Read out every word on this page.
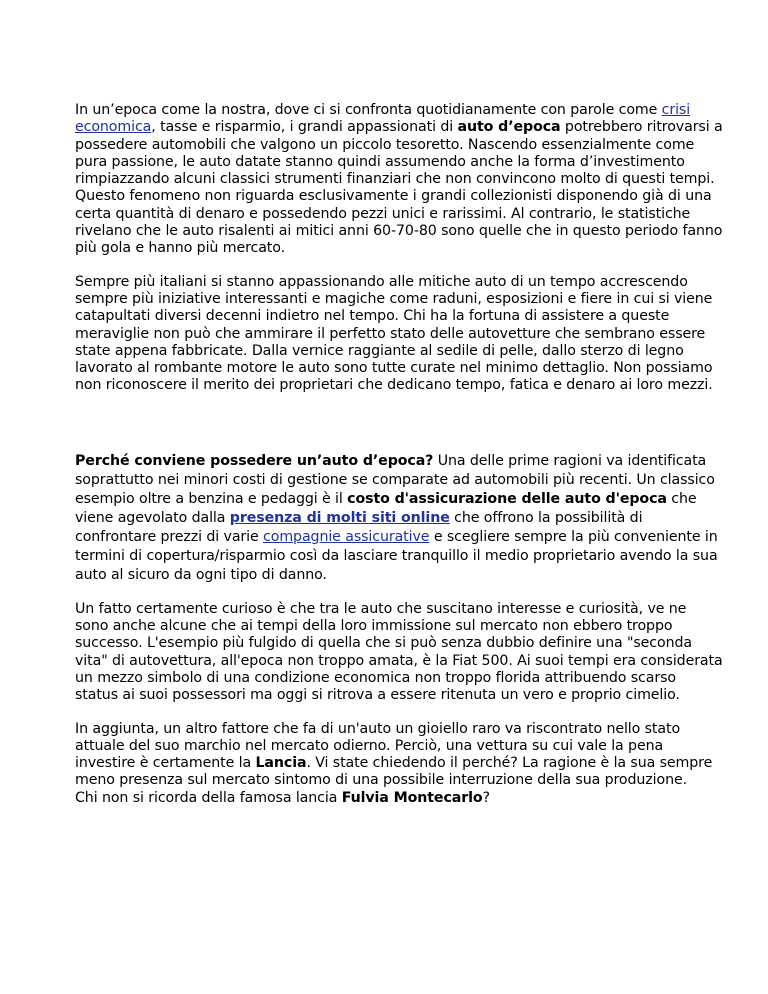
In un’epoca come la nostra, dove ci si confronta quotidianamente con parole come crisi economica, tasse e risparmio, i grandi appassionati di auto d’epoca potrebbero ritrovarsi a possedere automobili che valgono un piccolo tesoretto. Nascendo essenzialmente come pura passione, le auto datate stanno quindi assumendo anche la forma d’investimento rimpiazzando alcuni classici strumenti finanziari che non convincono molto di questi tempi.
Questo fenomeno non riguarda esclusivamente i grandi collezionisti disponendo già di una certa quantità di denaro e possedendo pezzi unici e rarissimi. Al contrario, le statistiche rivelano che le auto risalenti ai mitici anni 60-70-80 sono quelle che in questo periodo fanno più gola e hanno più mercato.

Sempre più italiani si stanno appassionando alle mitiche auto di un tempo accrescendo sempre più iniziative interessanti e magiche come raduni, esposizioni e fiere in cui si viene catapultati diversi decenni indietro nel tempo. Chi ha la fortuna di assistere a queste meraviglie non può che ammirare il perfetto stato delle autovetture che sembrano essere state appena fabbricate. Dalla vernice raggiante al sedile di pelle, dallo sterzo di legno lavorato al rombante motore le auto sono tutte curate nel minimo dettaglio. Non possiamo non riconoscere il merito dei proprietari che dedicano tempo, fatica e denaro ai loro mezzi.

Perché conviene possedere un’auto d’epoca? Una delle prime ragioni va identificata soprattutto nei minori costi di gestione se comparate ad automobili più recenti. Un classico esempio oltre a benzina e pedaggi è il costo d'assicurazione delle auto d'epoca che viene agevolato dalla presenza di molti siti online che offrono la possibilità di confrontare prezzi di varie compagnie assicurative e scegliere sempre la più conveniente in termini di copertura/risparmio così da lasciare tranquillo il medio proprietario avendo la sua auto al sicuro da ogni tipo di danno.

Un fatto certamente curioso è che tra le auto che suscitano interesse e curiosità, ve ne sono anche alcune che ai tempi della loro immissione sul mercato non ebbero troppo successo. L'esempio più fulgido di quella che si può senza dubbio definire una "seconda vita" di autovettura, all'epoca non troppo amata, è la Fiat 500. Ai suoi tempi era considerata un mezzo simbolo di una condizione economica non troppo florida attribuendo scarso status ai suoi possessori ma oggi si ritrova a essere ritenuta un vero e proprio cimelio.

In aggiunta, un altro fattore che fa di un'auto un gioiello raro va riscontrato nello stato attuale del suo marchio nel mercato odierno. Perciò, una vettura su cui vale la pena investire è certamente la Lancia. Vi state chiedendo il perché? La ragione è la sua sempre meno presenza sul mercato sintomo di una possibile interruzione della sua produzione.
Chi non si ricorda della famosa lancia Fulvia Montecarlo?
